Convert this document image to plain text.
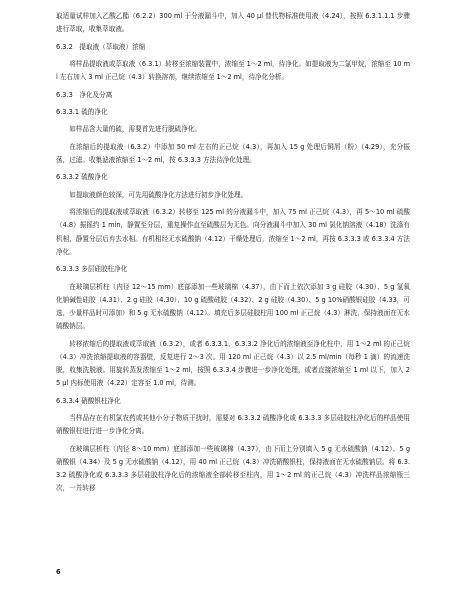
取适量试样加入乙酸乙酯（6.2.2）300 ml 于分液漏斗中，加入 40 μl 替代物标准使用液（4.24），按照 6.3.1.1.1 步骤进行萃取，收集萃取液。

6.3.2　提取液（萃取液）浓缩

将样品提取液或萃取液（6.3.1）转移至浓缩装置中，浓缩至 1～2 ml，待净化。如提取液为二氯甲烷，浓缩至 10 ml 左右加入 3 ml 正己烷（4.3）转换溶剂，继续浓缩至 1～2 ml，待净化分析。

6.3.3　净化及分离

6.3.3.1 硫的净化

如样品含大量的硫，需要首先进行脱硫净化。

在浓缩后的提取液（6.3.2）中添加 50 ml 左右的正己烷（4.3），再加入 15 g 处理后铜屑（粉）（4.29），充分振荡，过滤。收集滤液浓缩至 1～2 ml，按 6.3.3.3 方法待净化处理。

6.3.3.2 硫酸净化

如提取液颜色较深，可先用硫酸净化方法进行初步净化处理。

将浓缩后的提取液或萃取液（6.3.2）转移至 125 ml 的分液漏斗中，加入 75 ml 正己烷（4.3），再 5～10 ml 硫酸（4.8）振摇约 1 min，静置至分层，重复操作直至硫酸层为无色。向分液漏斗中加入 30 ml 氯化钠溶液（4.18）洗涤有机相，静置分层后弃去水相。有机相经无水硫酸钠（4.12）干燥处理后，浓缩至 1～2 ml，再按 6.3.3.3 或 6.3.3.4 方法净化。

6.3.3.3 多层硅胶柱净化

在玻璃层析柱（内径 12～15 mm）底部添加一些玻璃棉（4.37），由下而上依次添加 3 g 硅胶（4.30）、5 g 氢氧化钠碱性硅胶（4.31）、2 g 硅胶（4.30）、10 g 硫酸硅胶（4.32）、2 g 硅胶（4.30）、5 g 10%硝酸银硅胶（4.33，可选，少量样品时可添加）和 5 g 无水硫酸钠（4.12）。填充后多层硅胶柱用 100 ml 正己烷（4.3）淋洗，保持液面在无水硫酸钠层。

转移浓缩后的提取液或萃取液（6.3.2），或者 6.3.3.1、6.3.3.2 净化后的浓缩液至净化柱中，用 1～2 ml 的正己烷（4.3）冲洗浓缩提取液的容器壁，反复进行 2～3 次。用 120 ml 正己烷（4.3）以 2.5 ml/min（每秒 1 滴）的流速洗脱，收集洗脱液。用旋转蒸发浓缩至 1～2 ml，按照 6.3.3.4 步骤进一步净化处理，或者直接浓缩至 1 ml 以下，加入 25 μl 内标使用液（4.22）定容至 1.0 ml，待测。

6.3.3.4 硝酸银柱净化

当样品存在有机氯农药或其他小分子物质干扰时，需要对 6.3.3.2 硫酸净化或 6.3.3.3 多层硅胶柱净化后的样品使用硝酸银柱进行进一步净化分离。

在玻璃层析柱（内径 8～10 mm）底部添加一些玻璃棉（4.37），由下而上分别填入 5 g 无水硫酸钠（4.12）、5 g 硝酸银（4.34）及 5 g 无水硫酸钠（4.12），用 40 ml 正己烷（4.3）冲洗硝酸银柱，保持液面在无水硫酸钠层。将 6.3.3.2 硫酸净化或 6.3.3.3 多层硅胶柱净化后的浓缩液全部转移至柱内，用 1～2 ml 的正己烷（4.3）冲洗样品浓缩瓶三次，一并转移

6
